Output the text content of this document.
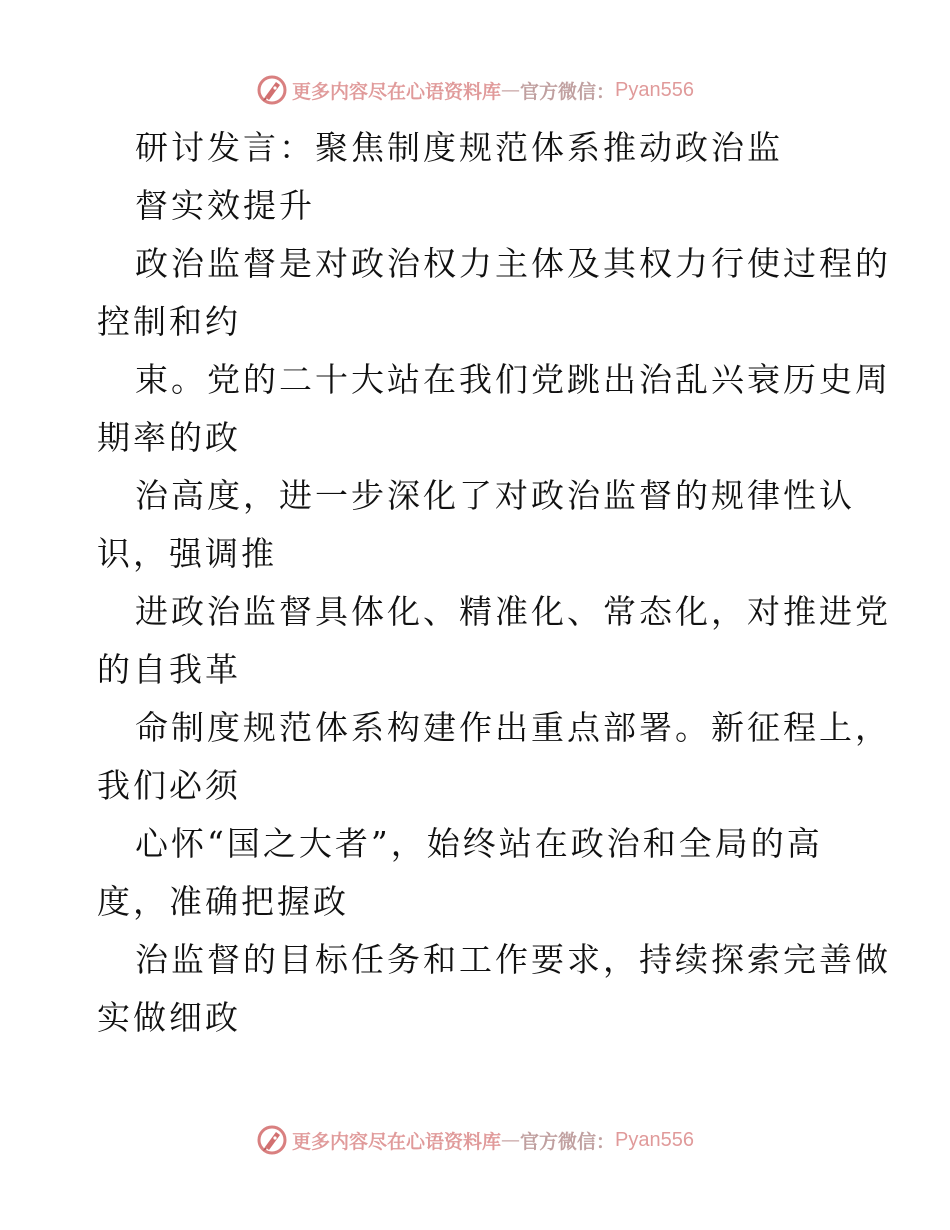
更多内容尽在心语资料库 — 官方微信： Pyan556
研讨发言：聚焦制度规范体系推动政治监
督实效提升
政治监督是对政治权力主体及其权力行使过程的
控制和约
束。党的二十大站在我们党跳出治乱兴衰历史周
期率的政
治高度，进一步深化了对政治监督的规律性认
识，强调推
进政治监督具体化、精准化、常态化，对推进党
的自我革
命制度规范体系构建作出重点部署。新征程上，
我们必须
心怀“国之大者”，始终站在政治和全局的高
度，准确把握政
治监督的目标任务和工作要求，持续探索完善做
实做细政
更多内容尽在心语资料库 — 官方微信： Pyan556
